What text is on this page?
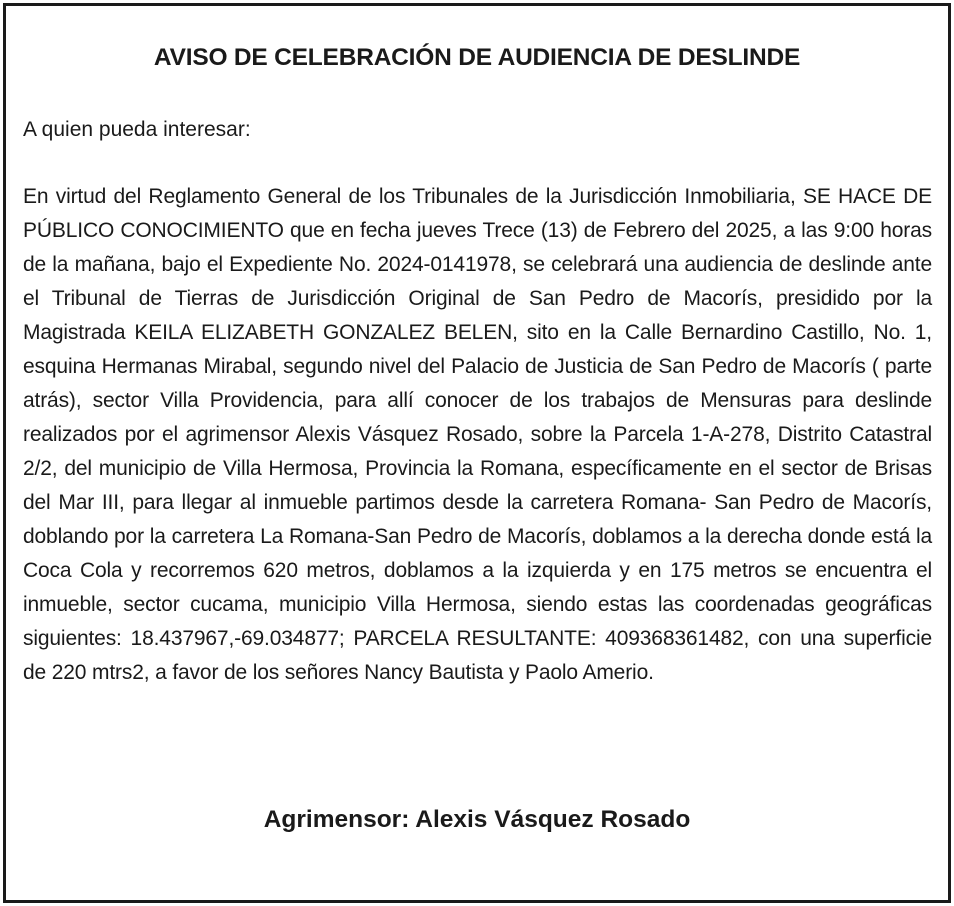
AVISO DE CELEBRACIÓN DE AUDIENCIA DE DESLINDE

A quien pueda interesar:

En virtud del Reglamento General de los Tribunales de la Jurisdicción Inmobiliaria, SE HACE DE PÚBLICO CONOCIMIENTO que en fecha jueves Trece (13) de Febrero del 2025, a las 9:00 horas de la mañana, bajo el Expediente No. 2024-0141978, se celebrará una audiencia de deslinde ante el Tribunal de Tierras de Jurisdicción Original de San Pedro de Macorís, presidido por la Magistrada KEILA ELIZABETH GONZALEZ BELEN, sito en la Calle Bernardino Castillo, No. 1, esquina Hermanas Mirabal, segundo nivel del Palacio de Justicia de San Pedro de Macorís ( parte atrás), sector Villa Providencia, para allí conocer de los trabajos de Mensuras para deslinde realizados por el agrimensor Alexis Vásquez Rosado, sobre la Parcela 1-A-278, Distrito Catastral 2/2, del municipio de Villa Hermosa, Provincia la Romana, específicamente en el sector de Brisas del Mar III, para llegar al inmueble partimos desde la carretera Romana- San Pedro de Macorís, doblando por la carretera La Romana-San Pedro de Macorís, doblamos a la derecha donde está la Coca Cola y recorremos 620 metros, doblamos a la izquierda y en 175 metros se encuentra el inmueble, sector cucama, municipio Villa Hermosa, siendo estas las coordenadas geográficas siguientes: 18.437967,-69.034877; PARCELA RESULTANTE: 409368361482, con una superficie de 220 mtrs2, a favor de los señores Nancy Bautista y Paolo Amerio.

Agrimensor: Alexis Vásquez Rosado
